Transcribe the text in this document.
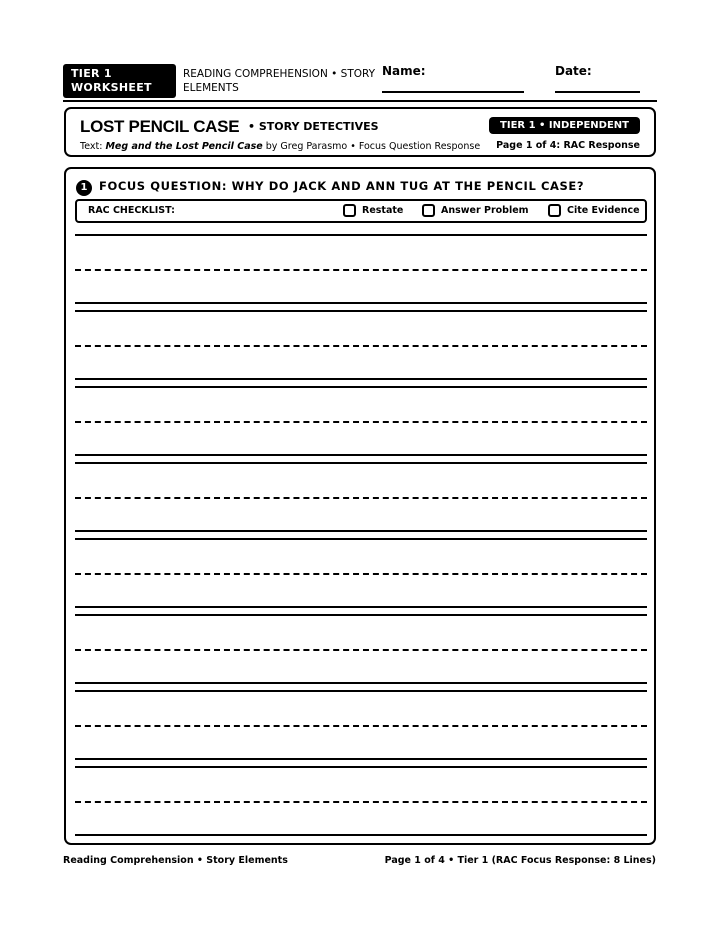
TIER 1
WORKSHEET
READING COMPREHENSION • STORY ELEMENTS
Name:	Date:
LOST PENCIL CASE • STORY DETECTIVES
Text: Meg and the Lost Pencil Case by Greg Parasmo • Focus Question Response
TIER 1 • INDEPENDENT
Page 1 of 4: RAC Response
1	FOCUS QUESTION: WHY DO JACK AND ANN TUG AT THE PENCIL CASE?
RAC CHECKLIST:	Restate	Answer Problem	Cite Evidence
Reading Comprehension • Story Elements	Page 1 of 4 • Tier 1 (RAC Focus Response: 8 Lines)
